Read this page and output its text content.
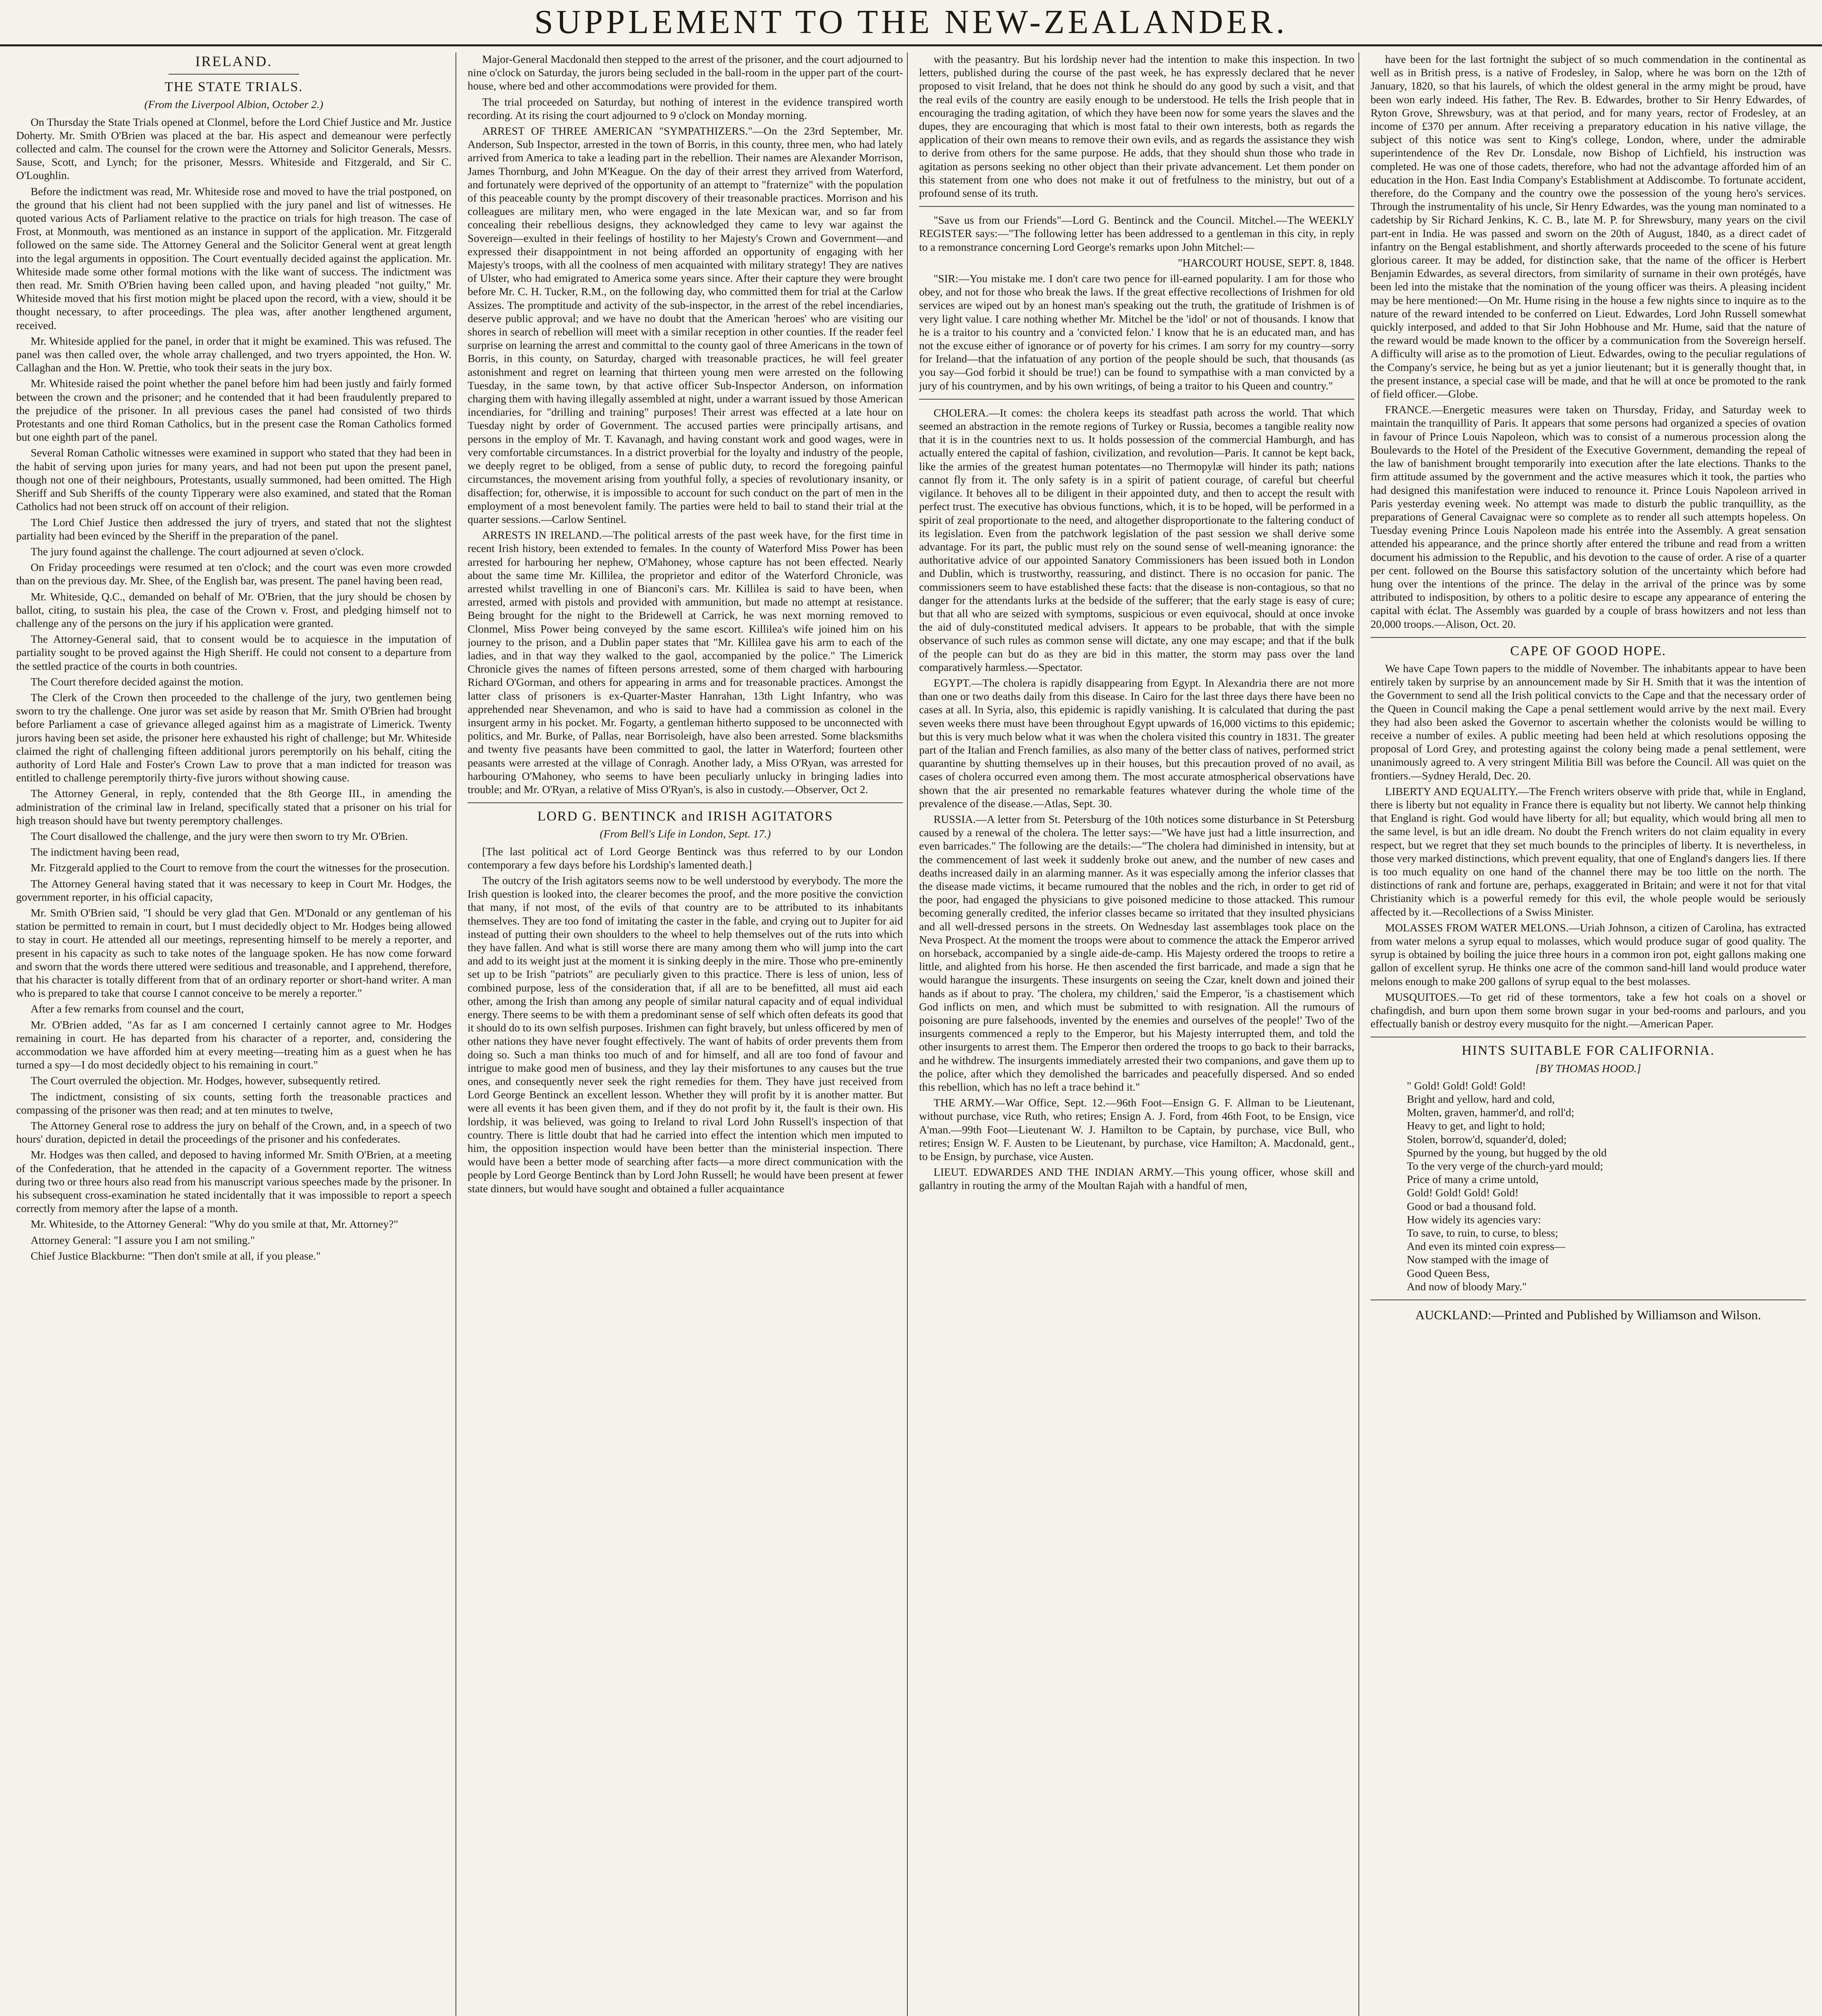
SUPPLEMENT TO THE NEW-ZEALANDER.
IRELAND.
THE STATE TRIALS.
(From the Liverpool Albion, October 2.)

On Thursday the State Trials opened at Clonmel, before the Lord Chief Justice and Mr. Justice Doherty. Mr. Smith O'Brien was placed at the bar. His aspect and demeanour were perfectly collected and calm. The counsel for the crown were the Attorney and Solicitor Generals, Messrs. Sause, Scott, and Lynch; for the prisoner, Messrs. Whiteside and Fitzgerald, and Sir C. O'Loughlin.

Before the indictment was read, Mr. Whiteside rose and moved to have the trial postponed, on the ground that his client had not been supplied with the jury panel and list of witnesses. He quoted various Acts of Parliament relative to the practice on trials for high treason. The case of Frost, at Monmouth, was mentioned as an instance in support of the application. Mr. Fitzgerald followed on the same side. The Attorney General and the Solicitor General went at great length into the legal arguments in opposition. The Court eventually decided against the application. Mr. Whiteside made some other formal motions with the like want of success. The indictment was then read. Mr. Smith O'Brien having been called upon, and having pleaded "not guilty," Mr. Whiteside moved that his first motion might be placed upon the record, with a view, should it be thought necessary, to after proceedings. The plea was, after another lengthened argument, received.

Mr. Whiteside applied for the panel, in order that it might be examined. This was refused. The panel was then called over, the whole array challenged, and two tryers appointed, the Hon. W. Callaghan and the Hon. W. Prettie, who took their seats in the jury box.

Mr. Whiteside raised the point whether the panel before him had been justly and fairly formed between the crown and the prisoner; and he contended that it had been fraudulently prepared to the prejudice of the prisoner. In all previous cases the panel had consisted of two thirds Protestants and one third Roman Catholics, but in the present case the Roman Catholics formed but one eighth part of the panel.

Several Roman Catholic witnesses were examined in support who stated that they had been in the habit of serving upon juries for many years, and had not been put upon the present panel, though not one of their neighbours, Protestants, usually summoned, had been omitted. The High Sheriff and Sub Sheriffs of the county Tipperary were also examined, and stated that the Roman Catholics had not been struck off on account of their religion.

The Lord Chief Justice then addressed the jury of tryers, and stated that not the slightest partiality had been evinced by the Sheriff in the preparation of the panel.

The jury found against the challenge. The court adjourned at seven o'clock.

On Friday proceedings were resumed at ten o'clock; and the court was even more crowded than on the previous day. Mr. Shee, of the English bar, was present. The panel having been read,

Mr. Whiteside, Q.C., demanded on behalf of Mr. O'Brien, that the jury should be chosen by ballot, citing, to sustain his plea, the case of the Crown v. Frost, and pledging himself not to challenge any of the persons on the jury if his application were granted.

The Attorney-General said, that to consent would be to acquiesce in the imputation of partiality sought to be proved against the High Sheriff. He could not consent to a departure from the settled practice of the courts in both countries.

The Court therefore decided against the motion.

The Clerk of the Crown then proceeded to the challenge of the jury, two gentlemen being sworn to try the challenge. One juror was set aside by reason that Mr. Smith O'Brien had brought before Parliament a case of grievance alleged against him as a magistrate of Limerick. Twenty jurors having been set aside, the prisoner here exhausted his right of challenge; but Mr. Whiteside claimed the right of challenging fifteen additional jurors peremptorily on his behalf, citing the authority of Lord Hale and Foster's Crown Law to prove that a man indicted for treason was entitled to challenge peremptorily thirty-five jurors without showing cause.

The Attorney General, in reply, contended that the 8th George III., in amending the administration of the criminal law in Ireland, specifically stated that a prisoner on his trial for high treason should have but twenty peremptory challenges.

The Court disallowed the challenge, and the jury were then sworn to try Mr. O'Brien.

The indictment having been read,

Mr. Fitzgerald applied to the Court to remove from the court the witnesses for the prosecution.

The Attorney General having stated that it was necessary to keep in Court Mr. Hodges, the government reporter, in his official capacity,

Mr. Smith O'Brien said, "I should be very glad that Gen. M'Donald or any gentleman of his station be permitted to remain in court, but I must decidedly object to Mr. Hodges being allowed to stay in court. He attended all our meetings, representing himself to be merely a reporter, and present in his capacity as such to take notes of the language spoken. He has now come forward and sworn that the words there uttered were seditious and treasonable, and I apprehend, therefore, that his character is totally different from that of an ordinary reporter or short-hand writer. A man who is prepared to take that course I cannot conceive to be merely a reporter."

After a few remarks from counsel and the court,

Mr. O'Brien added, "As far as I am concerned I certainly cannot agree to Mr. Hodges remaining in court. He has departed from his character of a reporter, and, considering the accommodation we have afforded him at every meeting—treating him as a guest when he has turned a spy—I do most decidedly object to his remaining in court."

The Court overruled the objection. Mr. Hodges, however, subsequently retired.

The indictment, consisting of six counts, setting forth the treasonable practices and compassing of the prisoner was then read; and at ten minutes to twelve,

The Attorney General rose to address the jury on behalf of the Crown, and, in a speech of two hours' duration, depicted in detail the proceedings of the prisoner and his confederates.

Mr. Hodges was then called, and deposed to having informed Mr. Smith O'Brien, at a meeting of the Confederation, that he attended in the capacity of a Government reporter. The witness during two or three hours also read from his manuscript various speeches made by the prisoner. In his subsequent cross-examination he stated incidentally that it was impossible to report a speech correctly from memory after the lapse of a month.

Mr. Whiteside, to the Attorney General: "Why do you smile at that, Mr. Attorney?"

Attorney General: "I assure you I am not smiling."

Chief Justice Blackburne: "Then don't smile at all, if you please."

Major-General Macdonald then stepped to the arrest of the prisoner, and the court adjourned to nine o'clock on Saturday, the jurors being secluded in the ball-room in the upper part of the court-house, where bed and other accommodations were provided for them.

The trial proceeded on Saturday, but nothing of interest in the evidence transpired worth recording. At its rising the court adjourned to 9 o'clock on Monday morning.

ARREST OF THREE AMERICAN "SYMPATHIZERS."—On the 23rd September, Mr. Anderson, Sub Inspector, arrested in the town of Borris, in this county, three men, who had lately arrived from America to take a leading part in the rebellion. Their names are Alexander Morrison, James Thornburg, and John M'Keague. On the day of their arrest they arrived from Waterford, and fortunately were deprived of the opportunity of an attempt to "fraternize" with the population of this peaceable county by the prompt discovery of their treasonable practices. Morrison and his colleagues are military men, who were engaged in the late Mexican war, and so far from concealing their rebellious designs, they acknowledged they came to levy war against the Sovereign—exulted in their feelings of hostility to her Majesty's Crown and Government—and expressed their disappointment in not being afforded an opportunity of engaging with her Majesty's troops, with all the coolness of men acquainted with military strategy! They are natives of Ulster, who had emigrated to America some years since. After their capture they were brought before Mr. C. H. Tucker, R.M., on the following day, who committed them for trial at the Carlow Assizes. The promptitude and activity of the sub-inspector, in the arrest of the rebel incendiaries, deserve public approval; and we have no doubt that the American 'heroes' who are visiting our shores in search of rebellion will meet with a similar reception in other counties. If the reader feel surprise on learning the arrest and committal to the county gaol of three Americans in the town of Borris, in this county, on Saturday, charged with treasonable practices, he will feel greater astonishment and regret on learning that thirteen young men were arrested on the following Tuesday, in the same town, by that active officer Sub-Inspector Anderson, on information charging them with having illegally assembled at night, under a warrant issued by those American incendiaries, for "drilling and training" purposes! Their arrest was effected at a late hour on Tuesday night by order of Government. The accused parties were principally artisans, and persons in the employ of Mr. T. Kavanagh, and having constant work and good wages, were in very comfortable circumstances. In a district proverbial for the loyalty and industry of the people, we deeply regret to be obliged, from a sense of public duty, to record the foregoing painful circumstances, the movement arising from youthful folly, a species of revolutionary insanity, or disaffection; for, otherwise, it is impossible to account for such conduct on the part of men in the employment of a most benevolent family. The parties were held to bail to stand their trial at the quarter sessions.—Carlow Sentinel.

ARRESTS IN IRELAND.—The political arrests of the past week have, for the first time in recent Irish history, been extended to females. In the county of Waterford Miss Power has been arrested for harbouring her nephew, O'Mahoney, whose capture has not been effected. Nearly about the same time Mr. Killilea, the proprietor and editor of the Waterford Chronicle, was arrested whilst travelling in one of Bianconi's cars. Mr. Killilea is said to have been, when arrested, armed with pistols and provided with ammunition, but made no attempt at resistance. Being brought for the night to the Bridewell at Carrick, he was next morning removed to Clonmel, Miss Power being conveyed by the same escort. Killilea's wife joined him on his journey to the prison, and a Dublin paper states that "Mr. Killilea gave his arm to each of the ladies, and in that way they walked to the gaol, accompanied by the police." The Limerick Chronicle gives the names of fifteen persons arrested, some of them charged with harbouring Richard O'Gorman, and others for appearing in arms and for treasonable practices. Amongst the latter class of prisoners is ex-Quarter-Master Hanrahan, 13th Light Infantry, who was apprehended near Shevenamon, and who is said to have had a commission as colonel in the insurgent army in his pocket. Mr. Fogarty, a gentleman hitherto supposed to be unconnected with politics, and Mr. Burke, of Pallas, near Borrisoleigh, have also been arrested. Some blacksmiths and twenty five peasants have been committed to gaol, the latter in Waterford; fourteen other peasants were arrested at the village of Conragh. Another lady, a Miss O'Ryan, was arrested for harbouring O'Mahoney, who seems to have been peculiarly unlucky in bringing ladies into trouble; and Mr. O'Ryan, a relative of Miss O'Ryan's, is also in custody.—Observer, Oct 2.

LORD G. BENTINCK and IRISH AGITATORS
(From Bell's Life in London, Sept. 17.)

[The last political act of Lord George Bentinck was thus referred to by our London contemporary a few days before his Lordship's lamented death.]

The outcry of the Irish agitators seems now to be well understood by everybody. The more the Irish question is looked into, the clearer becomes the proof, and the more positive the conviction that many, if not most, of the evils of that country are to be attributed to its inhabitants themselves. They are too fond of imitating the caster in the fable, and crying out to Jupiter for aid instead of putting their own shoulders to the wheel to help themselves out of the ruts into which they have fallen. And what is still worse there are many among them who will jump into the cart and add to its weight just at the moment it is sinking deeply in the mire. Those who pre-eminently set up to be Irish "patriots" are peculiarly given to this practice. There is less of union, less of combined purpose, less of the consideration that, if all are to be benefitted, all must aid each other, among the Irish than among any people of similar natural capacity and of equal individual energy. There seems to be with them a predominant sense of self which often defeats its good that it should do to its own selfish purposes. Irishmen can fight bravely, but unless officered by men of other nations they have never fought effectively. The want of habits of order prevents them from doing so. Such a man thinks too much of and for himself, and all are too fond of favour and intrigue to make good men of business, and they lay their misfortunes to any causes but the true ones, and consequently never seek the right remedies for them. They have just received from Lord George Bentinck an excellent lesson. Whether they will profit by it is another matter. But were all events it has been given them, and if they do not profit by it, the fault is their own. His lordship, it was believed, was going to Ireland to rival Lord John Russell's inspection of that country. There is little doubt that had he carried into effect the intention which men imputed to him, the opposition inspection would have been better than the ministerial inspection. There would have been a better mode of searching after facts—a more direct communication with the people by Lord George Bentinck than by Lord John Russell; he would have been present at fewer state dinners, but would have sought and obtained a fuller acquaintance

with the peasantry. But his lordship never had the intention to make this inspection. In two letters, published during the course of the past week, he has expressly declared that he never proposed to visit Ireland, that he does not think he should do any good by such a visit, and that the real evils of the country are easily enough to be understood. He tells the Irish people that in encouraging the trading agitation, of which they have been now for some years the slaves and the dupes, they are encouraging that which is most fatal to their own interests, both as regards the application of their own means to remove their own evils, and as regards the assistance they wish to derive from others for the same purpose. He adds, that they should shun those who trade in agitation as persons seeking no other object than their private advancement. Let them ponder on this statement from one who does not make it out of fretfulness to the ministry, but out of a profound sense of its truth.

"Save us from our Friends"—Lord G. Bentinck and the Council. Mitchel.—The WEEKLY REGISTER says:—"The following letter has been addressed to a gentleman in this city, in reply to a remonstrance concerning Lord George's remarks upon John Mitchel:—

"HARCOURT HOUSE, SEPT. 8, 1848.

"SIR:—You mistake me. I don't care two pence for ill-earned popularity. I am for those who obey, and not for those who break the laws. If the great effective recollections of Irishmen for old services are wiped out by an honest man's speaking out the truth, the gratitude of Irishmen is of very light value. I care nothing whether Mr. Mitchel be the 'idol' or not of thousands. I know that he is a traitor to his country and a 'convicted felon.' I know that he is an educated man, and has not the excuse either of ignorance or of poverty for his crimes. I am sorry for my country—sorry for Ireland—that the infatuation of any portion of the people should be such, that thousands (as you say—God forbid it should be true!) can be found to sympathise with a man convicted by a jury of his countrymen, and by his own writings, of being a traitor to his Queen and country."

CHOLERA.—It comes: the cholera keeps its steadfast path across the world. That which seemed an abstraction in the remote regions of Turkey or Russia, becomes a tangible reality now that it is in the countries next to us. It holds possession of the commercial Hamburgh, and has actually entered the capital of fashion, civilization, and revolution—Paris. It cannot be kept back, like the armies of the greatest human potentates—no Thermopylæ will hinder its path; nations cannot fly from it. The only safety is in a spirit of patient courage, of careful but cheerful vigilance. It behoves all to be diligent in their appointed duty, and then to accept the result with perfect trust. The executive has obvious functions, which, it is to be hoped, will be performed in a spirit of zeal proportionate to the need, and altogether disproportionate to the faltering conduct of its legislation. Even from the patchwork legislation of the past session we shall derive some advantage. For its part, the public must rely on the sound sense of well-meaning ignorance: the authoritative advice of our appointed Sanatory Commissioners has been issued both in London and Dublin, which is trustworthy, reassuring, and distinct. There is no occasion for panic. The commissioners seem to have established these facts: that the disease is non-contagious, so that no danger for the attendants lurks at the bedside of the sufferer; that the early stage is easy of cure; but that all who are seized with symptoms, suspicious or even equivocal, should at once invoke the aid of duly-constituted medical advisers. It appears to be probable, that with the simple observance of such rules as common sense will dictate, any one may escape; and that if the bulk of the people can but do as they are bid in this matter, the storm may pass over the land comparatively harmless.—Spectator.

EGYPT.—The cholera is rapidly disappearing from Egypt. In Alexandria there are not more than one or two deaths daily from this disease. In Cairo for the last three days there have been no cases at all. In Syria, also, this epidemic is rapidly vanishing. It is calculated that during the past seven weeks there must have been throughout Egypt upwards of 16,000 victims to this epidemic; but this is very much below what it was when the cholera visited this country in 1831. The greater part of the Italian and French families, as also many of the better class of natives, performed strict quarantine by shutting themselves up in their houses, but this precaution proved of no avail, as cases of cholera occurred even among them. The most accurate atmospherical observations have shown that the air presented no remarkable features whatever during the whole time of the prevalence of the disease.—Atlas, Sept. 30.

RUSSIA.—A letter from St. Petersburg of the 10th notices some disturbance in St Petersburg caused by a renewal of the cholera. The letter says:—"We have just had a little insurrection, and even barricades." The following are the details:—"The cholera had diminished in intensity, but at the commencement of last week it suddenly broke out anew, and the number of new cases and deaths increased daily in an alarming manner. As it was especially among the inferior classes that the disease made victims, it became rumoured that the nobles and the rich, in order to get rid of the poor, had engaged the physicians to give poisoned medicine to those attacked. This rumour becoming generally credited, the inferior classes became so irritated that they insulted physicians and all well-dressed persons in the streets. On Wednesday last assemblages took place on the Neva Prospect. At the moment the troops were about to commence the attack the Emperor arrived on horseback, accompanied by a single aide-de-camp. His Majesty ordered the troops to retire a little, and alighted from his horse. He then ascended the first barricade, and made a sign that he would harangue the insurgents. These insurgents on seeing the Czar, knelt down and joined their hands as if about to pray. 'The cholera, my children,' said the Emperor, 'is a chastisement which God inflicts on men, and which must be submitted to with resignation. All the rumours of poisoning are pure falsehoods, invented by the enemies and ourselves of the people!' Two of the insurgents commenced a reply to the Emperor, but his Majesty interrupted them, and told the other insurgents to arrest them. The Emperor then ordered the troops to go back to their barracks, and he withdrew. The insurgents immediately arrested their two companions, and gave them up to the police, after which they demolished the barricades and peacefully dispersed. And so ended this rebellion, which has no left a trace behind it."

THE ARMY.—War Office, Sept. 12.—96th Foot—Ensign G. F. Allman to be Lieutenant, without purchase, vice Ruth, who retires; Ensign A. J. Ford, from 46th Foot, to be Ensign, vice A'man.—99th Foot—Lieutenant W. J. Hamilton to be Captain, by purchase, vice Bull, who retires; Ensign W. F. Austen to be Lieutenant, by purchase, vice Hamilton; A. Macdonald, gent., to be Ensign, by purchase, vice Austen.

LIEUT. EDWARDES AND THE INDIAN ARMY.—This young officer, whose skill and gallantry in routing the army of the Moultan Rajah with a handful of men,

have been for the last fortnight the subject of so much commendation in the continental as well as in British press, is a native of Frodesley, in Salop, where he was born on the 12th of January, 1820, so that his laurels, of which the oldest general in the army might be proud, have been won early indeed. His father, The Rev. B. Edwardes, brother to Sir Henry Edwardes, of Ryton Grove, Shrewsbury, was at that period, and for many years, rector of Frodesley, at an income of £370 per annum. After receiving a preparatory education in his native village, the subject of this notice was sent to King's college, London, where, under the admirable superintendence of the Rev Dr. Lonsdale, now Bishop of Lichfield, his instruction was completed. He was one of those cadets, therefore, who had not the advantage afforded him of an education in the Hon. East India Company's Establishment at Addiscombe. To fortunate accident, therefore, do the Company and the country owe the possession of the young hero's services. Through the instrumentality of his uncle, Sir Henry Edwardes, was the young man nominated to a cadetship by Sir Richard Jenkins, K. C. B., late M. P. for Shrewsbury, many years on the civil part-ent in India. He was passed and sworn on the 20th of August, 1840, as a direct cadet of infantry on the Bengal establishment, and shortly afterwards proceeded to the scene of his future glorious career. It may be added, for distinction sake, that the name of the officer is Herbert Benjamin Edwardes, as several directors, from similarity of surname in their own protégés, have been led into the mistake that the nomination of the young officer was theirs. A pleasing incident may be here mentioned:—On Mr. Hume rising in the house a few nights since to inquire as to the nature of the reward intended to be conferred on Lieut. Edwardes, Lord John Russell somewhat quickly interposed, and added to that Sir John Hobhouse and Mr. Hume, said that the nature of the reward would be made known to the officer by a communication from the Sovereign herself. A difficulty will arise as to the promotion of Lieut. Edwardes, owing to the peculiar regulations of the Company's service, he being but as yet a junior lieutenant; but it is generally thought that, in the present instance, a special case will be made, and that he will at once be promoted to the rank of field officer.—Globe.

FRANCE.—Energetic measures were taken on Thursday, Friday, and Saturday week to maintain the tranquillity of Paris. It appears that some persons had organized a species of ovation in favour of Prince Louis Napoleon, which was to consist of a numerous procession along the Boulevards to the Hotel of the President of the Executive Government, demanding the repeal of the law of banishment brought temporarily into execution after the late elections. Thanks to the firm attitude assumed by the government and the active measures which it took, the parties who had designed this manifestation were induced to renounce it. Prince Louis Napoleon arrived in Paris yesterday evening week. No attempt was made to disturb the public tranquillity, as the preparations of General Cavaignac were so complete as to render all such attempts hopeless. On Tuesday evening Prince Louis Napoleon made his entrée into the Assembly. A great sensation attended his appearance, and the prince shortly after entered the tribune and read from a written document his admission to the Republic, and his devotion to the cause of order. A rise of a quarter per cent. followed on the Bourse this satisfactory solution of the uncertainty which before had hung over the intentions of the prince. The delay in the arrival of the prince was by some attributed to indisposition, by others to a politic desire to escape any appearance of entering the capital with éclat. The Assembly was guarded by a couple of brass howitzers and not less than 20,000 troops.—Alison, Oct. 20.

CAPE OF GOOD HOPE.

We have Cape Town papers to the middle of November. The inhabitants appear to have been entirely taken by surprise by an announcement made by Sir H. Smith that it was the intention of the Government to send all the Irish political convicts to the Cape and that the necessary order of the Queen in Council making the Cape a penal settlement would arrive by the next mail. Every they had also been asked the Governor to ascertain whether the colonists would be willing to receive a number of exiles. A public meeting had been held at which resolutions opposing the proposal of Lord Grey, and protesting against the colony being made a penal settlement, were unanimously agreed to. A very stringent Militia Bill was before the Council. All was quiet on the frontiers.—Sydney Herald, Dec. 20.

LIBERTY AND EQUALITY.—The French writers observe with pride that, while in England, there is liberty but not equality in France there is equality but not liberty. We cannot help thinking that England is right. God would have liberty for all; but equality, which would bring all men to the same level, is but an idle dream. No doubt the French writers do not claim equality in every respect, but we regret that they set much bounds to the principles of liberty. It is nevertheless, in those very marked distinctions, which prevent equality, that one of England's dangers lies. If there is too much equality on one hand of the channel there may be too little on the north. The distinctions of rank and fortune are, perhaps, exaggerated in Britain; and were it not for that vital Christianity which is a powerful remedy for this evil, the whole people would be seriously affected by it.—Recollections of a Swiss Minister.

MOLASSES FROM WATER MELONS.—Uriah Johnson, a citizen of Carolina, has extracted from water melons a syrup equal to molasses, which would produce sugar of good quality. The syrup is obtained by boiling the juice three hours in a common iron pot, eight gallons making one gallon of excellent syrup. He thinks one acre of the common sand-hill land would produce water melons enough to make 200 gallons of syrup equal to the best molasses.

MUSQUITOES.—To get rid of these tormentors, take a few hot coals on a shovel or chafingdish, and burn upon them some brown sugar in your bed-rooms and parlours, and you effectually banish or destroy every musquito for the night.—American Paper.

HINTS SUITABLE FOR CALIFORNIA.
[BY THOMAS HOOD.]
" Gold! Gold! Gold! Gold!
Bright and yellow, hard and cold,
Molten, graven, hammer'd, and roll'd;
Heavy to get, and light to hold;
Stolen, borrow'd, squander'd, doled;
Spurned by the young, but hugged by the old
To the very verge of the church-yard mould;
Price of many a crime untold,
Gold! Gold! Gold! Gold!
Good or bad a thousand fold.
How widely its agencies vary:
To save, to ruin, to curse, to bless;
And even its minted coin express—
Now stamped with the image of
Good Queen Bess,
And now of bloody Mary."
AUCKLAND:—Printed and Published by Williamson and Wilson.
